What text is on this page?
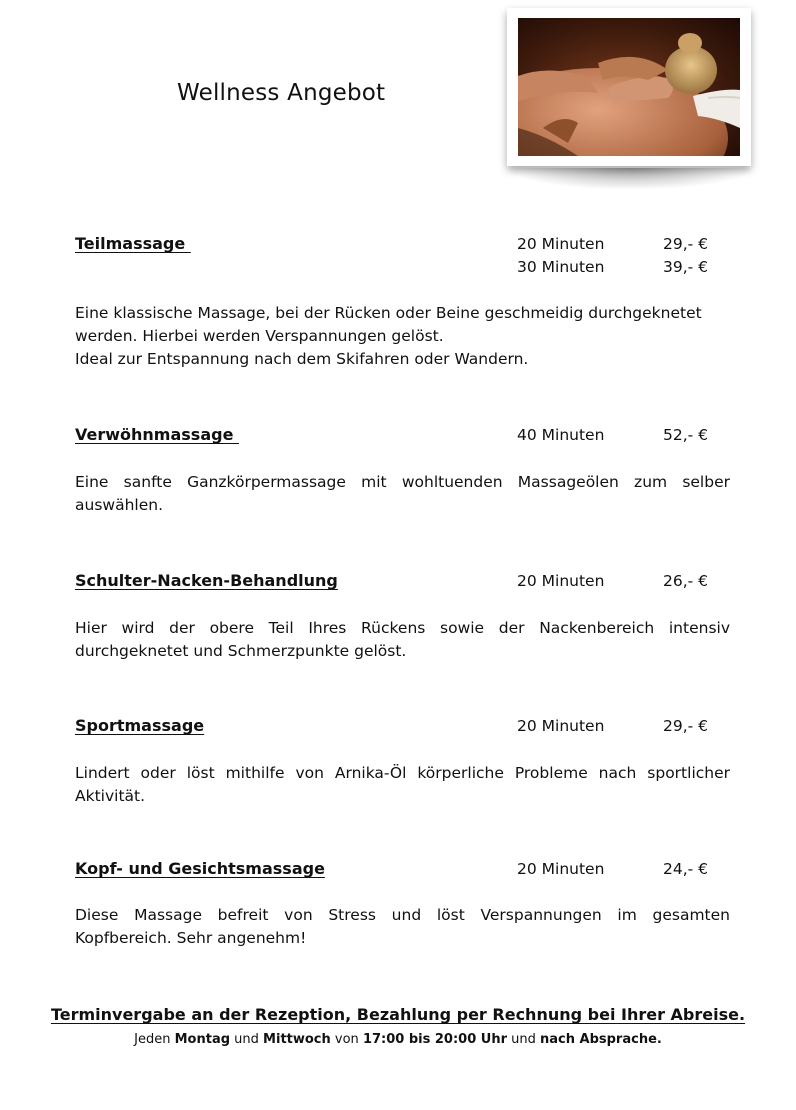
Wellness Angebot
Teilmassage	20 Minuten	29,- €
30 Minuten	39,- €
Eine klassische Massage, bei der Rücken oder Beine geschmeidig durchgeknetet werden. Hierbei werden Verspannungen gelöst.
Ideal zur Entspannung nach dem Skifahren oder Wandern.
Verwöhnmassage	40 Minuten	52,- €
Eine sanfte Ganzkörpermassage mit wohltuenden Massageölen zum selber auswählen.
Schulter-Nacken-Behandlung	20 Minuten	26,- €
Hier wird der obere Teil Ihres Rückens sowie der Nackenbereich intensiv durchgeknetet und Schmerzpunkte gelöst.
Sportmassage	20 Minuten	29,- €
Lindert oder löst mithilfe von Arnika-Öl körperliche Probleme nach sportlicher Aktivität.
Kopf- und Gesichtsmassage	20 Minuten	24,- €
Diese Massage befreit von Stress und löst Verspannungen im gesamten Kopfbereich. Sehr angenehm!
Terminvergabe an der Rezeption, Bezahlung per Rechnung bei Ihrer Abreise.
Jeden Montag und Mittwoch von 17:00 bis 20:00 Uhr und nach Absprache.
